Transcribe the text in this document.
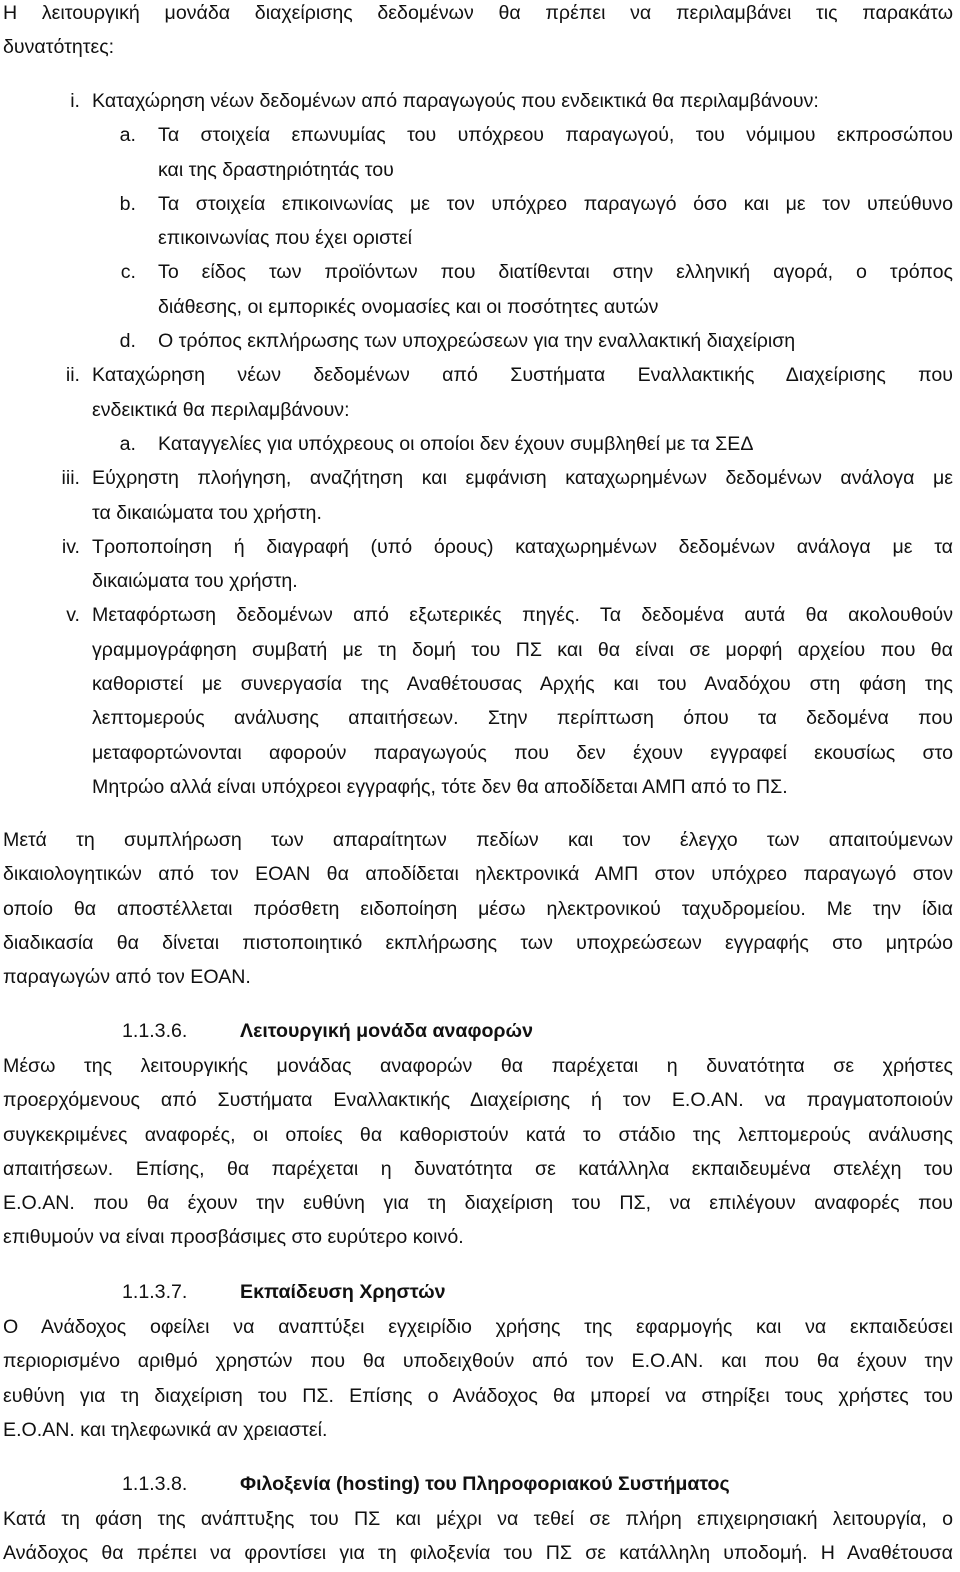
Η λειτουργική μονάδα διαχείρισης δεδομένων θα πρέπει να περιλαμβάνει τις παρακάτω

δυνατότητες:

i. Καταχώρηση νέων δεδομένων από παραγωγούς που ενδεικτικά θα περιλαμβάνουν:

a. Τα στοιχεία επωνυμίας του υπόχρεου παραγωγού, του νόμιμου εκπροσώπου

και της δραστηριότητάς του

b. Τα στοιχεία επικοινωνίας με τον υπόχρεο παραγωγό όσο και με τον υπεύθυνο

επικοινωνίας που έχει οριστεί

c. Το είδος των προϊόντων που διατίθενται στην ελληνική αγορά, ο τρόπος

διάθεσης, οι εμπορικές ονομασίες και οι ποσότητες αυτών

d. Ο τρόπος εκπλήρωσης των υποχρεώσεων για την εναλλακτική διαχείριση

ii. Καταχώρηση νέων δεδομένων από Συστήματα Εναλλακτικής Διαχείρισης που

ενδεικτικά θα περιλαμβάνουν:

a. Καταγγελίες για υπόχρεους οι οποίοι δεν έχουν συμβληθεί με τα ΣΕΔ

iii. Εύχρηστη πλοήγηση, αναζήτηση και εμφάνιση καταχωρημένων δεδομένων ανάλογα με

τα δικαιώματα του χρήστη.

iv. Τροποποίηση ή διαγραφή (υπό όρους) καταχωρημένων δεδομένων ανάλογα με τα

δικαιώματα του χρήστη.

v. Μεταφόρτωση δεδομένων από εξωτερικές πηγές. Τα δεδομένα αυτά θα ακολουθούν

γραμμογράφηση συμβατή με τη δομή του ΠΣ και θα είναι σε μορφή αρχείου που θα

καθοριστεί με συνεργασία της Αναθέτουσας Αρχής και του Αναδόχου στη φάση της

λεπτομερούς ανάλυσης απαιτήσεων. Στην περίπτωση όπου τα δεδομένα που

μεταφορτώνονται αφορούν παραγωγούς που δεν έχουν εγγραφεί εκουσίως στο

Μητρώο αλλά είναι υπόχρεοι εγγραφής, τότε δεν θα αποδίδεται ΑΜΠ από το ΠΣ.

Μετά τη συμπλήρωση των απαραίτητων πεδίων και τον έλεγχο των απαιτούμενων

δικαιολογητικών από τον ΕΟΑΝ θα αποδίδεται ηλεκτρονικά ΑΜΠ στον υπόχρεο παραγωγό στον

οποίο θα αποστέλλεται πρόσθετη ειδοποίηση μέσω ηλεκτρονικού ταχυδρομείου. Με την ίδια

διαδικασία θα δίνεται πιστοποιητικό εκπλήρωσης των υποχρεώσεων εγγραφής στο μητρώο

παραγωγών από τον ΕΟΑΝ.

1.1.3.6.	Λειτουργική μονάδα αναφορών

Μέσω της λειτουργικής μονάδας αναφορών θα παρέχεται η δυνατότητα σε χρήστες

προερχόμενους από Συστήματα Εναλλακτικής Διαχείρισης ή τον Ε.Ο.ΑΝ. να πραγματοποιούν

συγκεκριμένες αναφορές, οι οποίες θα καθοριστούν κατά το στάδιο της λεπτομερούς ανάλυσης

απαιτήσεων. Επίσης, θα παρέχεται η δυνατότητα σε κατάλληλα εκπαιδευμένα στελέχη του

Ε.Ο.ΑΝ. που θα έχουν την ευθύνη για τη διαχείριση του ΠΣ, να επιλέγουν αναφορές που

επιθυμούν να είναι προσβάσιμες στο ευρύτερο κοινό.

1.1.3.7.	Εκπαίδευση Χρηστών

Ο Ανάδοχος οφείλει να αναπτύξει εγχειρίδιο χρήσης της εφαρμογής και να εκπαιδεύσει

περιορισμένο αριθμό χρηστών που θα υποδειχθούν από τον Ε.Ο.ΑΝ. και που θα έχουν την

ευθύνη για τη διαχείριση του ΠΣ. Επίσης ο Ανάδοχος θα μπορεί να στηρίξει τους χρήστες του

Ε.Ο.ΑΝ. και τηλεφωνικά αν χρειαστεί.

1.1.3.8.	Φιλοξενία (hosting) του Πληροφοριακού Συστήματος

Κατά τη φάση της ανάπτυξης του ΠΣ και μέχρι να τεθεί σε πλήρη επιχειρησιακή λειτουργία, ο

Ανάδοχος θα πρέπει να φροντίσει για τη φιλοξενία του ΠΣ σε κατάλληλη υποδομή. Η Αναθέτουσα
